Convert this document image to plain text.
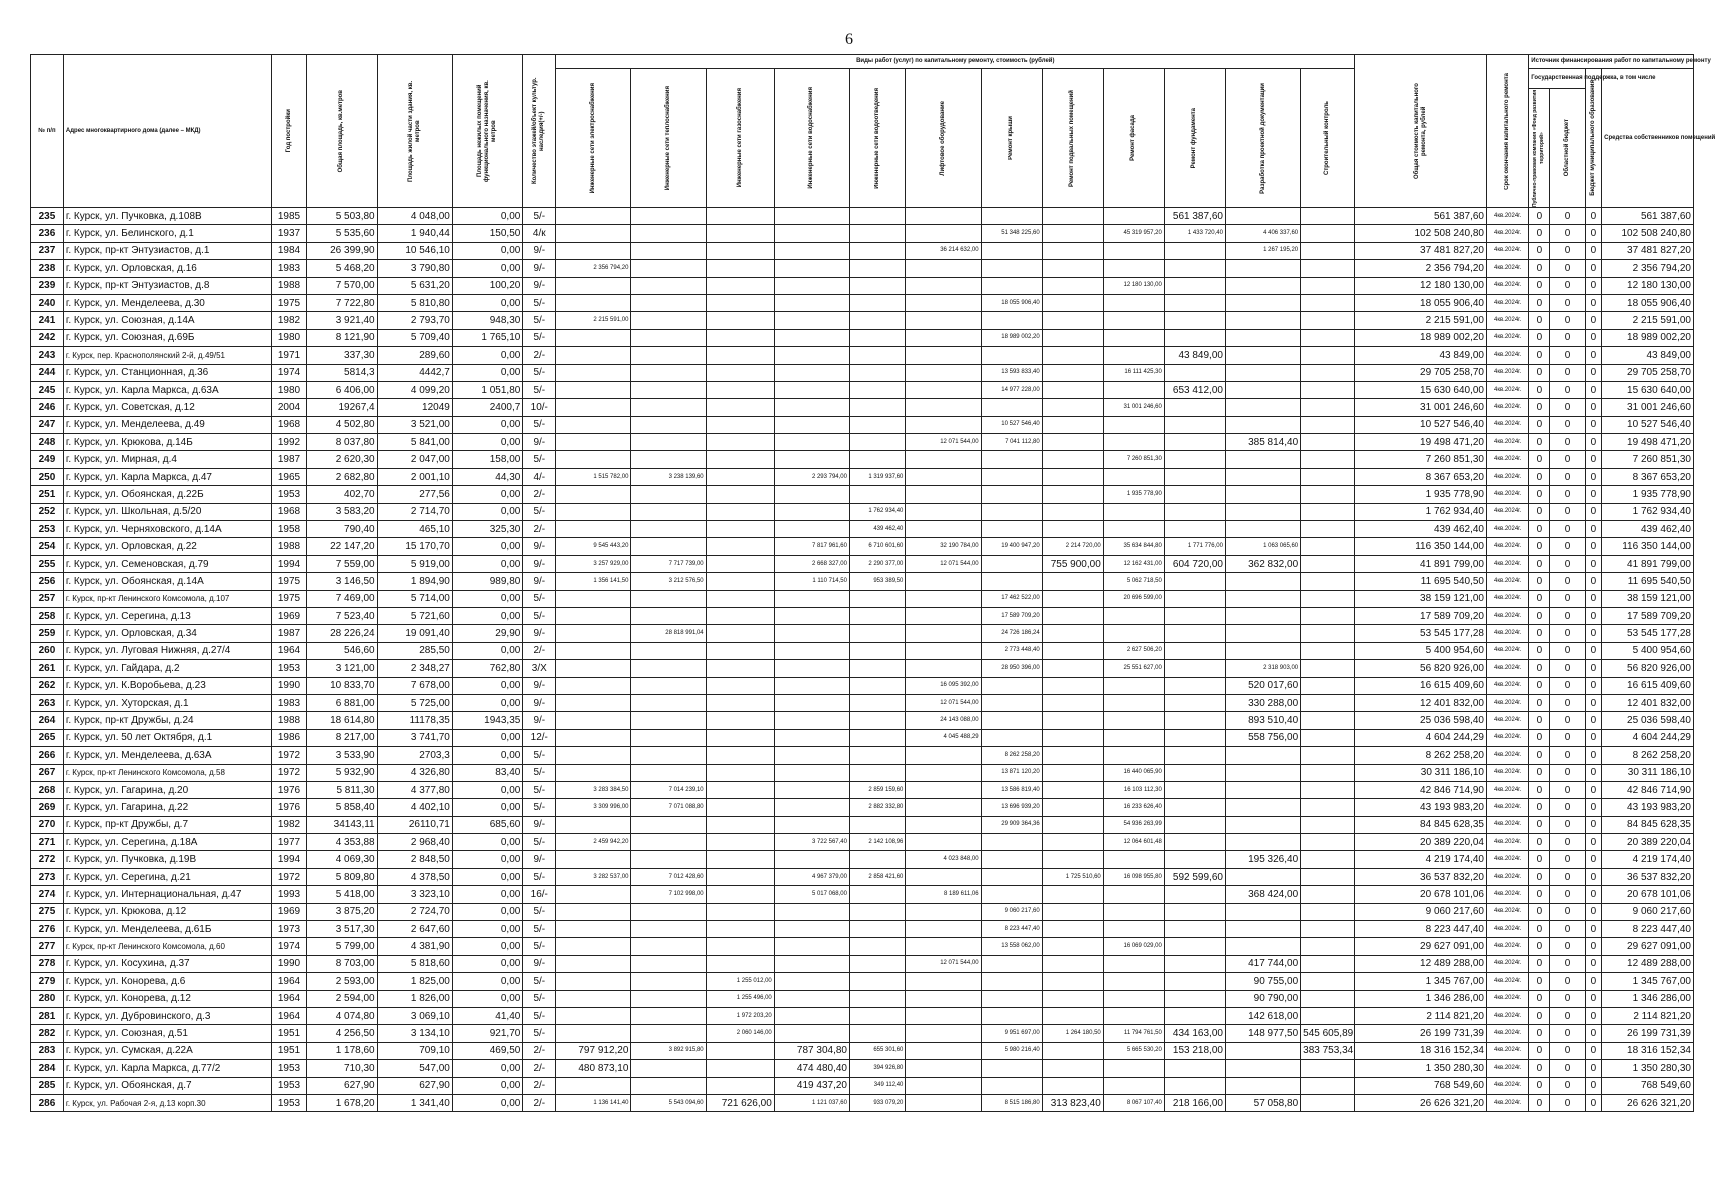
6
№ п/п	Адрес многоквартирного дома (далее – МКД)	Год постройки	Общая площадь, кв.метров	Площадь жилой части здания, кв. метров	Площадь нежилых помещений функционального назначения, кв. метров	Количество этажей/объект культур. наследия(+/-)	Виды работ (услуг) по капитальному ремонту, стоимость (рублей)												Общая стоимость капитального ремонта, рублей	Срок окончания капитального ремонта	Источник финансирования работ по капитальному ремонту			

							Инженерные сети электроснабжения	Инженерные сети теплоснабжения	Инженерные сети газоснабжения	Инженерные сети водоснабжения	Инженерные сети водоотведения	Лифтовое оборудование	Ремонт крыши	Ремонт подвальных помещений	Ремонт фасада	Ремонт фундамента	Разработка проектной документации	Строительный контроль			Государственная поддержка, в том числе		Бюджет муниципального образования	Средства собственников помещений

																					Публично-правовая компания «Фонд развития территорий»	Областной бюджет		

235	г. Курск, ул. Пучковка, д.108В	1985	5 503,80	4 048,00	0,00	5/-										561 387,60			561 387,60	4кв.2024г.	0	0	0	561 387,60
236	г. Курск, ул. Белинского, д.1	1937	5 535,60	1 940,44	150,50	4/к							51 348 225,60		45 319 957,20	1 433 720,40	4 406 337,60		102 508 240,80	4кв.2024г.	0	0	0	102 508 240,80
237	г. Курск, пр-кт Энтузиастов, д.1	1984	26 399,90	10 546,10	0,00	9/-						36 214 632,00					1 267 195,20		37 481 827,20	4кв.2024г.	0	0	0	37 481 827,20
238	г. Курск, ул. Орловская, д.16	1983	5 468,20	3 790,80	0,00	9/-	2 356 794,20												2 356 794,20	4кв.2024г.	0	0	0	2 356 794,20
239	г. Курск, пр-кт Энтузиастов, д.8	1988	7 570,00	5 631,20	100,20	9/-									12 180 130,00				12 180 130,00	4кв.2024г.	0	0	0	12 180 130,00
240	г. Курск, ул. Менделеева, д.30	1975	7 722,80	5 810,80	0,00	5/-							18 055 906,40						18 055 906,40	4кв.2024г.	0	0	0	18 055 906,40
241	г. Курск, ул. Союзная, д.14А	1982	3 921,40	2 793,70	948,30	5/-	2 215 591,00												2 215 591,00	4кв.2024г.	0	0	0	2 215 591,00
242	г. Курск, ул. Союзная, д.69Б	1980	8 121,90	5 709,40	1 765,10	5/-							18 989 002,20						18 989 002,20	4кв.2024г.	0	0	0	18 989 002,20
243	г. Курск, пер. Краснополянский 2-й, д.49/51	1971	337,30	289,60	0,00	2/-										43 849,00			43 849,00	4кв.2024г.	0	0	0	43 849,00
244	г. Курск, ул. Станционная, д.36	1974	5814,3	4442,7	0,00	5/-							13 593 833,40		16 111 425,30				29 705 258,70	4кв.2024г.	0	0	0	29 705 258,70
245	г. Курск, ул. Карла Маркса, д.63А	1980	6 406,00	4 099,20	1 051,80	5/-							14 977 228,00			653 412,00			15 630 640,00	4кв.2024г.	0	0	0	15 630 640,00
246	г. Курск, ул. Советская, д.12	2004	19267,4	12049	2400,7	10/-									31 001 246,60				31 001 246,60	4кв.2024г.	0	0	0	31 001 246,60
247	г. Курск, ул. Менделеева, д.49	1968	4 502,80	3 521,00	0,00	5/-							10 527 546,40						10 527 546,40	4кв.2024г.	0	0	0	10 527 546,40
248	г. Курск, ул. Крюкова, д.14Б	1992	8 037,80	5 841,00	0,00	9/-						12 071 544,00	7 041 112,80				385 814,40		19 498 471,20	4кв.2024г.	0	0	0	19 498 471,20
249	г. Курск, ул. Мирная, д.4	1987	2 620,30	2 047,00	158,00	5/-									7 260 851,30				7 260 851,30	4кв.2024г.	0	0	0	7 260 851,30
250	г. Курск, ул. Карла Маркса, д.47	1965	2 682,80	2 001,10	44,30	4/-	1 515 782,00	3 238 139,60		2 293 794,00	1 319 937,60								8 367 653,20	4кв.2024г.	0	0	0	8 367 653,20
251	г. Курск, ул. Обоянская, д.22Б	1953	402,70	277,56	0,00	2/-									1 935 778,90				1 935 778,90	4кв.2024г.	0	0	0	1 935 778,90
252	г. Курск, ул. Школьная, д.5/20	1968	3 583,20	2 714,70	0,00	5/-					1 762 934,40								1 762 934,40	4кв.2024г.	0	0	0	1 762 934,40
253	г. Курск, ул. Черняховского, д.14А	1958	790,40	465,10	325,30	2/-					439 462,40								439 462,40	4кв.2024г.	0	0	0	439 462,40
254	г. Курск, ул. Орловская, д.22	1988	22 147,20	15 170,70	0,00	9/-	9 545 443,20			7 817 961,60	6 710 601,60	32 190 784,00	19 400 947,20	2 214 720,00	35 634 844,80	1 771 776,00	1 063 065,60		116 350 144,00	4кв.2024г.	0	0	0	116 350 144,00
255	г. Курск, ул. Семеновская, д.79	1994	7 559,00	5 919,00	0,00	9/-	3 257 929,00	7 717 739,00		2 668 327,00	2 290 377,00	12 071 544,00		755 900,00	12 162 431,00	604 720,00	362 832,00		41 891 799,00	4кв.2024г.	0	0	0	41 891 799,00
256	г. Курск, ул. Обоянская, д.14А	1975	3 146,50	1 894,90	989,80	9/-	1 356 141,50	3 212 576,50		1 110 714,50	953 389,50				5 062 718,50				11 695 540,50	4кв.2024г.	0	0	0	11 695 540,50
257	г. Курск, пр-кт Ленинского Комсомола, д.107	1975	7 469,00	5 714,00	0,00	5/-							17 462 522,00		20 696 599,00				38 159 121,00	4кв.2024г.	0	0	0	38 159 121,00
258	г. Курск, ул. Серегина, д.13	1969	7 523,40	5 721,60	0,00	5/-							17 589 709,20						17 589 709,20	4кв.2024г.	0	0	0	17 589 709,20
259	г. Курск, ул. Орловская, д.34	1987	28 226,24	19 091,40	29,90	9/-		28 818 991,04					24 726 186,24						53 545 177,28	4кв.2024г.	0	0	0	53 545 177,28
260	г. Курск, ул. Луговая Нижняя, д.27/4	1964	546,60	285,50	0,00	2/-							2 773 448,40		2 627 506,20				5 400 954,60	4кв.2024г.	0	0	0	5 400 954,60
261	г. Курск, ул. Гайдара, д.2	1953	3 121,00	2 348,27	762,80	3/Х							28 950 396,00		25 551 627,00		2 318 903,00		56 820 926,00	4кв.2024г.	0	0	0	56 820 926,00
262	г. Курск, ул. К.Воробьева, д.23	1990	10 833,70	7 678,00	0,00	9/-						16 095 392,00					520 017,60		16 615 409,60	4кв.2024г.	0	0	0	16 615 409,60
263	г. Курск, ул. Хуторская, д.1	1983	6 881,00	5 725,00	0,00	9/-						12 071 544,00					330 288,00		12 401 832,00	4кв.2024г.	0	0	0	12 401 832,00
264	г. Курск, пр-кт Дружбы, д.24	1988	18 614,80	11178,35	1943,35	9/-						24 143 088,00					893 510,40		25 036 598,40	4кв.2024г.	0	0	0	25 036 598,40
265	г. Курск, ул. 50 лет Октября, д.1	1986	8 217,00	3 741,70	0,00	12/-						4 045 488,29					558 756,00		4 604 244,29	4кв.2024г.	0	0	0	4 604 244,29
266	г. Курск, ул. Менделеева, д.63А	1972	3 533,90	2703,3	0,00	5/-							8 262 258,20						8 262 258,20	4кв.2024г.	0	0	0	8 262 258,20
267	г. Курск, пр-кт Ленинского Комсомола, д.58	1972	5 932,90	4 326,80	83,40	5/-							13 871 120,20		16 440 065,90				30 311 186,10	4кв.2024г.	0	0	0	30 311 186,10
268	г. Курск, ул. Гагарина, д.20	1976	5 811,30	4 377,80	0,00	5/-	3 283 384,50	7 014 239,10			2 859 159,60		13 586 819,40		16 103 112,30				42 846 714,90	4кв.2024г.	0	0	0	42 846 714,90
269	г. Курск, ул. Гагарина, д.22	1976	5 858,40	4 402,10	0,00	5/-	3 309 996,00	7 071 088,80			2 882 332,80		13 696 939,20		16 233 626,40				43 193 983,20	4кв.2024г.	0	0	0	43 193 983,20
270	г. Курск, пр-кт Дружбы, д.7	1982	34143,11	26110,71	685,60	9/-							29 909 364,36		54 936 263,99				84 845 628,35	4кв.2024г.	0	0	0	84 845 628,35
271	г. Курск, ул. Серегина, д.18А	1977	4 353,88	2 968,40	0,00	5/-	2 459 942,20			3 722 567,40	2 142 108,96				12 064 601,48				20 389 220,04	4кв.2024г.	0	0	0	20 389 220,04
272	г. Курск, ул. Пучковка, д.19В	1994	4 069,30	2 848,50	0,00	9/-						4 023 848,00					195 326,40		4 219 174,40	4кв.2024г.	0	0	0	4 219 174,40
273	г. Курск, ул. Серегина, д.21	1972	5 809,80	4 378,50	0,00	5/-	3 282 537,00	7 012 428,60		4 967 379,00	2 858 421,60			1 725 510,60	16 098 955,80	592 599,60			36 537 832,20	4кв.2024г.	0	0	0	36 537 832,20
274	г. Курск, ул. Интернациональная, д.47	1993	5 418,00	3 323,10	0,00	16/-		7 102 998,00		5 017 068,00		8 189 611,06					368 424,00		20 678 101,06	4кв.2024г.	0	0	0	20 678 101,06
275	г. Курск, ул. Крюкова, д.12	1969	3 875,20	2 724,70	0,00	5/-							9 060 217,60						9 060 217,60	4кв.2024г.	0	0	0	9 060 217,60
276	г. Курск, ул. Менделеева, д.61Б	1973	3 517,30	2 647,60	0,00	5/-							8 223 447,40						8 223 447,40	4кв.2024г.	0	0	0	8 223 447,40
277	г. Курск, пр-кт Ленинского Комсомола, д.60	1974	5 799,00	4 381,90	0,00	5/-							13 558 062,00		16 069 029,00				29 627 091,00	4кв.2024г.	0	0	0	29 627 091,00
278	г. Курск, ул. Косухина, д.37	1990	8 703,00	5 818,60	0,00	9/-						12 071 544,00					417 744,00		12 489 288,00	4кв.2024г.	0	0	0	12 489 288,00
279	г. Курск, ул. Конорева, д.6	1964	2 593,00	1 825,00	0,00	5/-			1 255 012,00								90 755,00		1 345 767,00	4кв.2024г.	0	0	0	1 345 767,00
280	г. Курск, ул. Конорева, д.12	1964	2 594,00	1 826,00	0,00	5/-			1 255 496,00								90 790,00		1 346 286,00	4кв.2024г.	0	0	0	1 346 286,00
281	г. Курск, ул. Дубровинского, д.3	1964	4 074,80	3 069,10	41,40	5/-			1 972 203,20								142 618,00		2 114 821,20	4кв.2024г.	0	0	0	2 114 821,20
282	г. Курск, ул. Союзная, д.51	1951	4 256,50	3 134,10	921,70	5/-			2 060 146,00				9 951 697,00	1 264 180,50	11 794 761,50	434 163,00	148 977,50	545 605,89	26 199 731,39	4кв.2024г.	0	0	0	26 199 731,39
283	г. Курск, ул. Сумская, д.22А	1951	1 178,60	709,10	469,50	2/-	797 912,20	3 892 915,80		787 304,80	655 301,60		5 980 216,40		5 665 530,20	153 218,00		383 753,34	18 316 152,34	4кв.2024г.	0	0	0	18 316 152,34
284	г. Курск, ул. Карла Маркса, д.77/2	1953	710,30	547,00	0,00	2/-	480 873,10			474 480,40	394 926,80								1 350 280,30	4кв.2024г.	0	0	0	1 350 280,30
285	г. Курск, ул. Обоянская, д.7	1953	627,90	627,90	0,00	2/-				419 437,20	349 112,40								768 549,60	4кв.2024г.	0	0	0	768 549,60
286	г. Курск, ул. Рабочая 2-я, д.13 корп.30	1953	1 678,20	1 341,40	0,00	2/-	1 136 141,40	5 543 094,60	721 626,00	1 121 037,60	933 079,20		8 515 186,80	313 823,40	8 067 107,40	218 166,00	57 058,80		26 626 321,20	4кв.2024г.	0	0	0	26 626 321,20
